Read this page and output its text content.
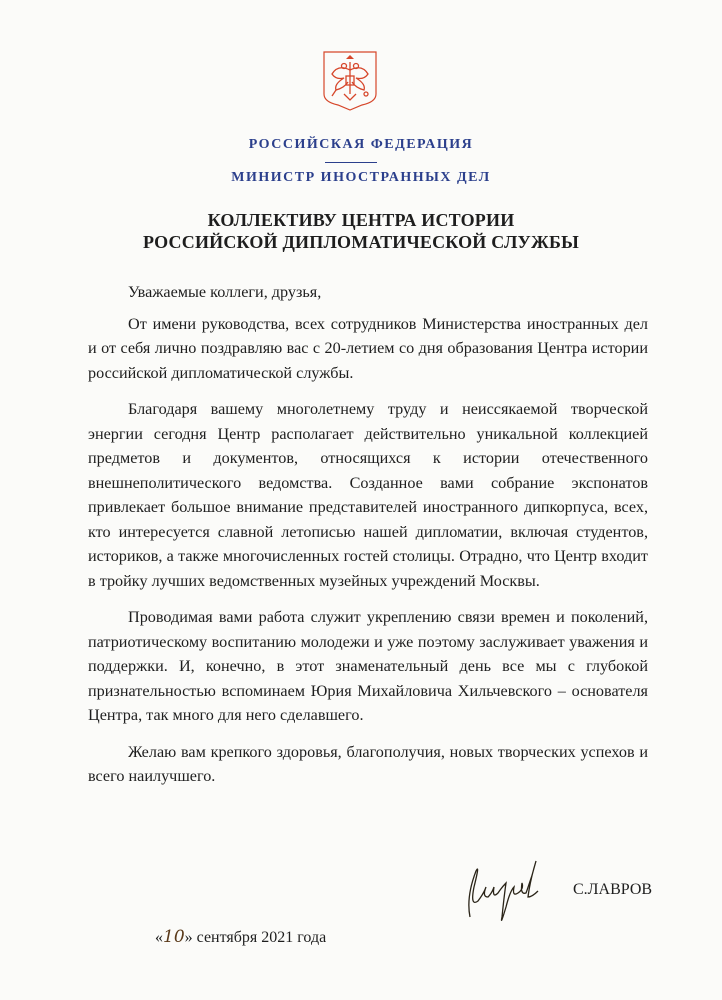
РОССИЙСКАЯ ФЕДЕРАЦИЯ
МИНИСТР ИНОСТРАННЫХ ДЕЛ
КОЛЛЕКТИВУ ЦЕНТРА ИСТОРИИ
РОССИЙСКОЙ ДИПЛОМАТИЧЕСКОЙ СЛУЖБЫ

Уважаемые коллеги, друзья,

От имени руководства, всех сотрудников Министерства иностранных дел и от себя лично поздравляю вас с 20-летием со дня образования Центра истории российской дипломатической службы.

Благодаря вашему многолетнему труду и неиссякаемой творческой энергии сегодня Центр располагает действительно уникальной коллекцией предметов и документов, относящихся к истории отечественного внешнеполитического ведомства. Созданное вами собрание экспонатов привлекает большое внимание представителей иностранного дипкорпуса, всех, кто интересуется славной летописью нашей дипломатии, включая студентов, историков, а также многочисленных гостей столицы. Отрадно, что Центр входит в тройку лучших ведомственных музейных учреждений Москвы.

Проводимая вами работа служит укреплению связи времен и поколений, патриотическому воспитанию молодежи и уже поэтому заслуживает уважения и поддержки. И, конечно, в этот знаменательный день все мы с глубокой признательностью вспоминаем Юрия Михайловича Хильчевского – основателя Центра, так много для него сделавшего.

Желаю вам крепкого здоровья, благополучия, новых творческих успехов и всего наилучшего.

С.ЛАВРОВ
«10» сентября 2021 года
